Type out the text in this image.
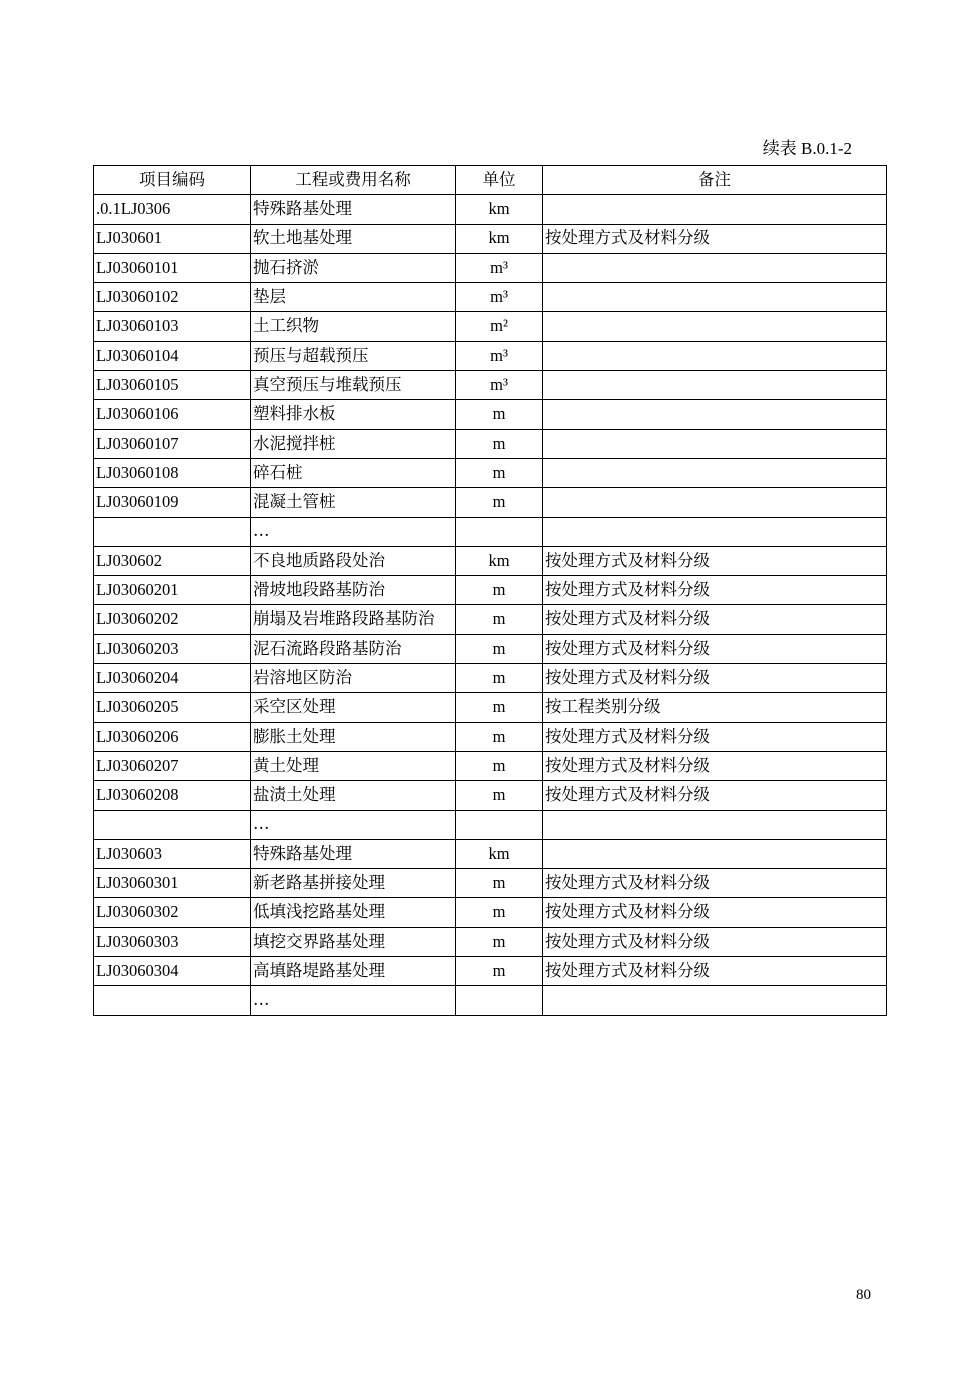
续表 B.0.1-2
项目编码	工程或费用名称	单位	备注
.0.1LJ0306	特殊路基处理	km	
LJ030601	软土地基处理	km	按处理方式及材料分级
LJ03060101	抛石挤淤	m³	
LJ03060102	垫层	m³	
LJ03060103	土工织物	m²	
LJ03060104	预压与超载预压	m³	
LJ03060105	真空预压与堆载预压	m³	
LJ03060106	塑料排水板	m	
LJ03060107	水泥搅拌桩	m	
LJ03060108	碎石桩	m	
LJ03060109	混凝土管桩	m	
	…		
LJ030602	不良地质路段处治	km	按处理方式及材料分级
LJ03060201	滑坡地段路基防治	m	按处理方式及材料分级
LJ03060202	崩塌及岩堆路段路基防治	m	按处理方式及材料分级
LJ03060203	泥石流路段路基防治	m	按处理方式及材料分级
LJ03060204	岩溶地区防治	m	按处理方式及材料分级
LJ03060205	采空区处理	m	按工程类别分级
LJ03060206	膨胀土处理	m	按处理方式及材料分级
LJ03060207	黄土处理	m	按处理方式及材料分级
LJ03060208	盐渍土处理	m	按处理方式及材料分级
	…		
LJ030603	特殊路基处理	km	
LJ03060301	新老路基拼接处理	m	按处理方式及材料分级
LJ03060302	低填浅挖路基处理	m	按处理方式及材料分级
LJ03060303	填挖交界路基处理	m	按处理方式及材料分级
LJ03060304	高填路堤路基处理	m	按处理方式及材料分级
	…		
80
